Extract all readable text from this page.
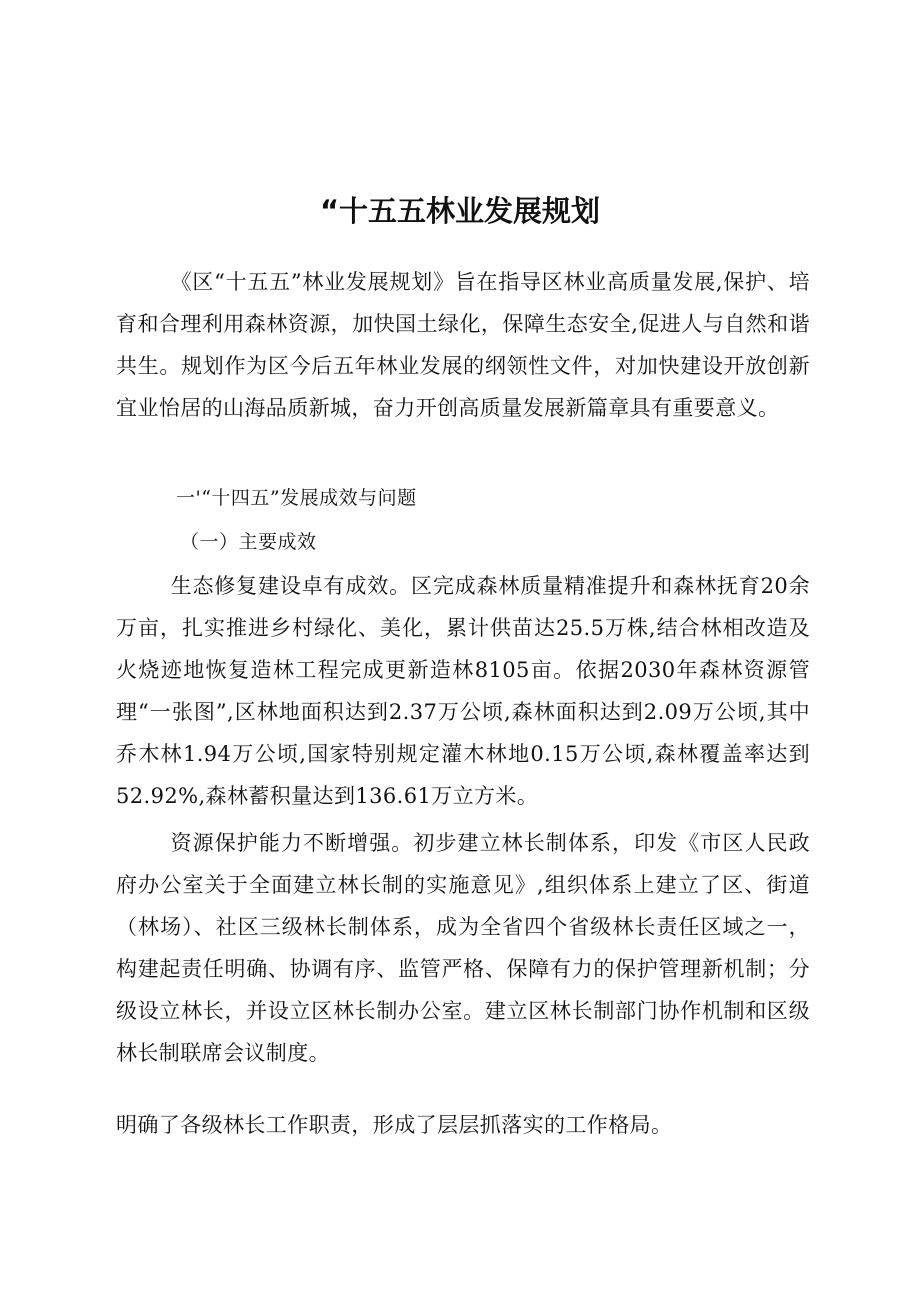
“十五五林业发展规划

《区“十五五”林业发展规划》旨在指导区林业高质量发展,保护、培育和合理利用森林资源，加快国土绿化，保障生态安全,促进人与自然和谐共生。规划作为区今后五年林业发展的纲领性文件，对加快建设开放创新宜业怡居的山海品质新城，奋力开创高质量发展新篇章具有重要意义。

一'“十四五”发展成效与问题

（一）主要成效

生态修复建设卓有成效。区完成森林质量精准提升和森林抚育20余万亩，扎实推进乡村绿化、美化，累计供苗达25.5万株,结合林相改造及火烧迹地恢复造林工程完成更新造林8105亩。依据2030年森林资源管理“一张图”,区林地面积达到2.37万公顷,森林面积达到2.09万公顷,其中乔木林1.94万公顷,国家特别规定灌木林地0.15万公顷,森林覆盖率达到52.92%,森林蓄积量达到136.61万立方米。

资源保护能力不断增强。初步建立林长制体系，印发《市区人民政府办公室关于全面建立林长制的实施意见》,组织体系上建立了区、街道（林场）、社区三级林长制体系，成为全省四个省级林长责任区域之一，构建起责任明确、协调有序、监管严格、保障有力的保护管理新机制；分级设立林长，并设立区林长制办公室。建立区林长制部门协作机制和区级林长制联席会议制度。

明确了各级林长工作职责，形成了层层抓落实的工作格局。
